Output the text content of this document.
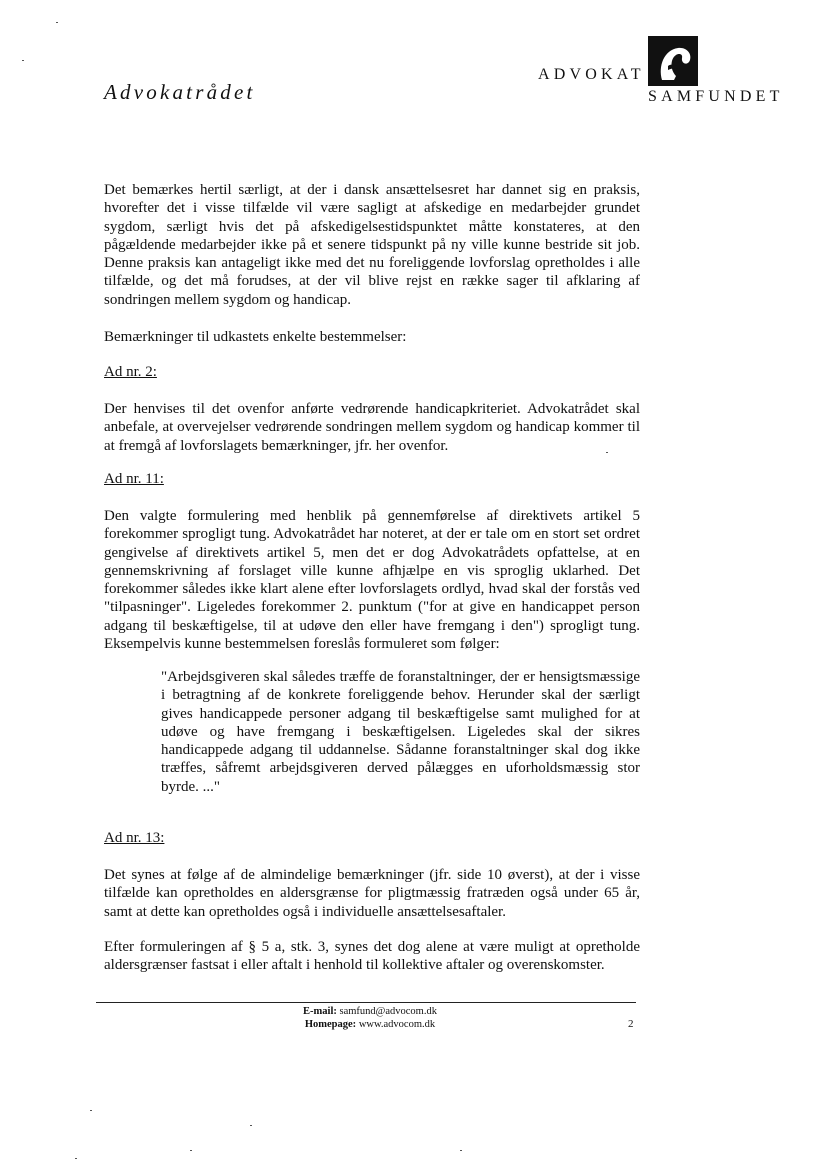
Advokatrådet
ADVOKAT
SAMFUNDET
Det bemærkes hertil særligt, at der i dansk ansættelsesret har dannet sig en praksis, hvorefter det i visse tilfælde vil være sagligt at afskedige en medarbejder grundet sygdom, særligt hvis det på afskedigelsestidspunktet måtte konstateres, at den pågældende medarbejder ikke på et senere tidspunkt på ny ville kunne bestride sit job. Denne praksis kan antageligt ikke med det nu foreliggende lovforslag opretholdes i alle tilfælde, og det må forudses, at der vil blive rejst en række sager til afklaring af sondringen mellem sygdom og handicap.
Bemærkninger til udkastets enkelte bestemmelser:
Ad nr. 2:
Der henvises til det ovenfor anførte vedrørende handicapkriteriet. Advokatrådet skal anbefale, at overvejelser vedrørende sondringen mellem sygdom og handicap kommer til at fremgå af lovforslagets bemærkninger, jfr. her ovenfor.
Ad nr. 11:
Den valgte formulering med henblik på gennemførelse af direktivets artikel 5 forekommer sprogligt tung. Advokatrådet har noteret, at der er tale om en stort set ordret gengivelse af direktivets artikel 5, men det er dog Advokatrådets opfattelse, at en gennemskrivning af forslaget ville kunne afhjælpe en vis sproglig uklarhed. Det forekommer således ikke klart alene efter lovforslagets ordlyd, hvad skal der forstås ved "tilpasninger". Ligeledes forekommer 2. punktum ("for at give en handicappet person adgang til beskæftigelse, til at udøve den eller have fremgang i den") sprogligt tung. Eksempelvis kunne bestemmelsen foreslås formuleret som følger:
"Arbejdsgiveren skal således træffe de foranstaltninger, der er hensigtsmæssige i betragtning af de konkrete foreliggende behov. Herunder skal der særligt gives handicappede personer adgang til beskæftigelse samt mulighed for at udøve og have fremgang i beskæftigelsen. Ligeledes skal der sikres handicappede adgang til uddannelse. Sådanne foranstaltninger skal dog ikke træffes, såfremt arbejdsgiveren derved pålægges en uforholdsmæssig stor byrde. ..."
Ad nr. 13:
Det synes at følge af de almindelige bemærkninger (jfr. side 10 øverst), at der i visse tilfælde kan opretholdes en aldersgrænse for pligtmæssig fratræden også under 65 år, samt at dette kan opretholdes også i individuelle ansættelsesaftaler.
Efter formuleringen af § 5 a, stk. 3, synes det dog alene at være muligt at opretholde aldersgrænser fastsat i eller aftalt i henhold til kollektive aftaler og overenskomster.
E-mail: samfund@advocom.dk
Homepage: www.advocom.dk	2
